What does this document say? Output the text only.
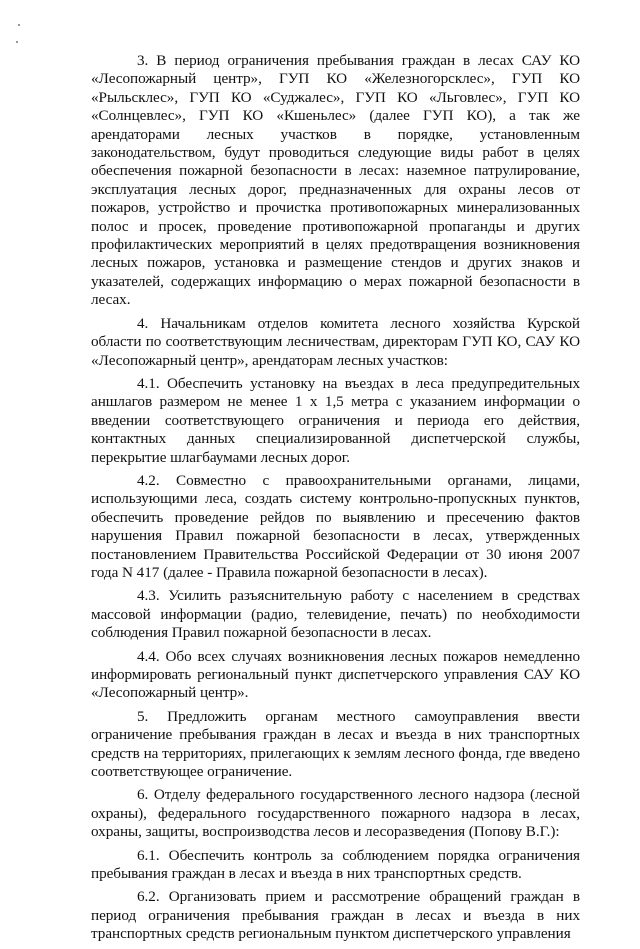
3. В период ограничения пребывания граждан в лесах САУ КО «Лесопожарный центр», ГУП КО «Железногорсклес», ГУП КО «Рыльсклес», ГУП КО «Суджалес», ГУП КО «Льговлес», ГУП КО «Солнцевлес», ГУП КО «Кшеньлес» (далее ГУП КО), а так же арендаторами лесных участков в порядке, установленным законодательством, будут проводиться следующие виды работ в целях обеспечения пожарной безопасности в лесах: наземное патрулирование, эксплуатация лесных дорог, предназначенных для охраны лесов от пожаров, устройство и прочистка противопожарных минерализованных полос и просек, проведение противопожарной пропаганды и других профилактических мероприятий в целях предотвращения возникновения лесных пожаров, установка и размещение стендов и других знаков и указателей, содержащих информацию о мерах пожарной безопасности в лесах.

4. Начальникам отделов комитета лесного хозяйства Курской области по соответствующим лесничествам, директорам ГУП КО, САУ КО «Лесопожарный центр», арендаторам лесных участков:

4.1. Обеспечить установку на въездах в леса предупредительных аншлагов размером не менее 1 х 1,5 метра с указанием информации о введении соответствующего ограничения и периода его действия, контактных данных специализированной диспетчерской службы, перекрытие шлагбаумами лесных дорог.

4.2. Совместно с правоохранительными органами, лицами, использующими леса, создать систему контрольно-пропускных пунктов, обеспечить проведение рейдов по выявлению и пресечению фактов нарушения Правил пожарной безопасности в лесах, утвержденных постановлением Правительства Российской Федерации от 30 июня 2007 года N 417 (далее - Правила пожарной безопасности в лесах).

4.3. Усилить разъяснительную работу с населением в средствах массовой информации (радио, телевидение, печать) по необходимости соблюдения Правил пожарной безопасности в лесах.

4.4. Обо всех случаях возникновения лесных пожаров немедленно информировать региональный пункт диспетчерского управления САУ КО «Лесопожарный центр».

5. Предложить органам местного самоуправления ввести ограничение пребывания граждан в лесах и въезда в них транспортных средств на территориях, прилегающих к землям лесного фонда, где введено соответствующее ограничение.

6. Отделу федерального государственного лесного надзора (лесной охраны), федерального государственного пожарного надзора в лесах, охраны, защиты, воспроизводства лесов и лесоразведения (Попову В.Г.):

6.1. Обеспечить контроль за соблюдением порядка ограничения пребывания граждан в лесах и въезда в них транспортных средств.

6.2. Организовать прием и рассмотрение обращений граждан в период ограничения пребывания граждан в лесах и въезда в них транспортных средств региональным пунктом диспетчерского управления
